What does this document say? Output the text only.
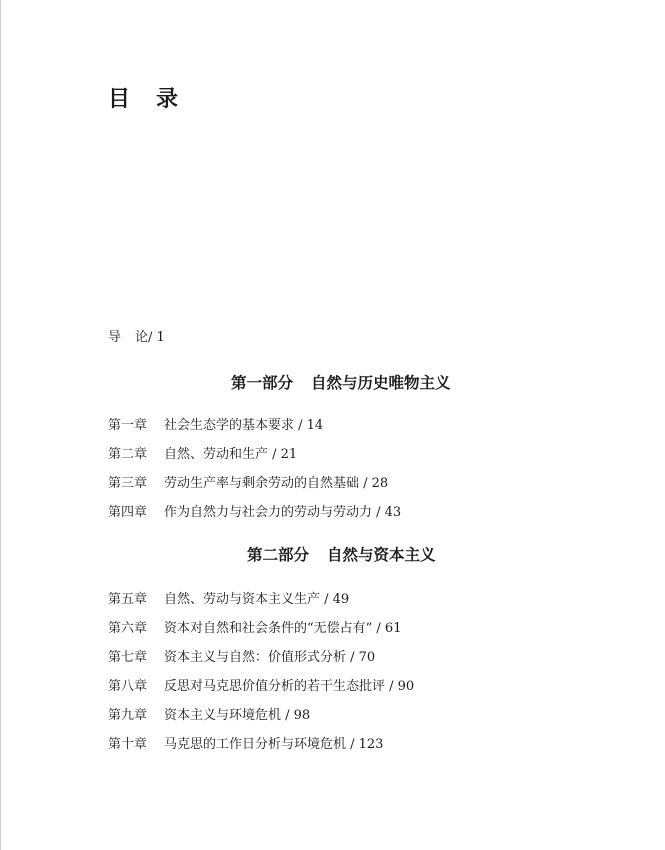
目 录
导 论/ 1
第一部分 自然与历史唯物主义
第一章 社会生态学的基本要求 / 14
第二章 自然、劳动和生产 / 21
第三章 劳动生产率与剩余劳动的自然基础 / 28
第四章 作为自然力与社会力的劳动与劳动力 / 43
第二部分 自然与资本主义
第五章 自然、劳动与资本主义生产 / 49
第六章 资本对自然和社会条件的“无偿占有” / 61
第七章 资本主义与自然：价值形式分析 / 70
第八章 反思对马克思价值分析的若干生态批评 / 90
第九章 资本主义与环境危机 / 98
第十章 马克思的工作日分析与环境危机 / 123
